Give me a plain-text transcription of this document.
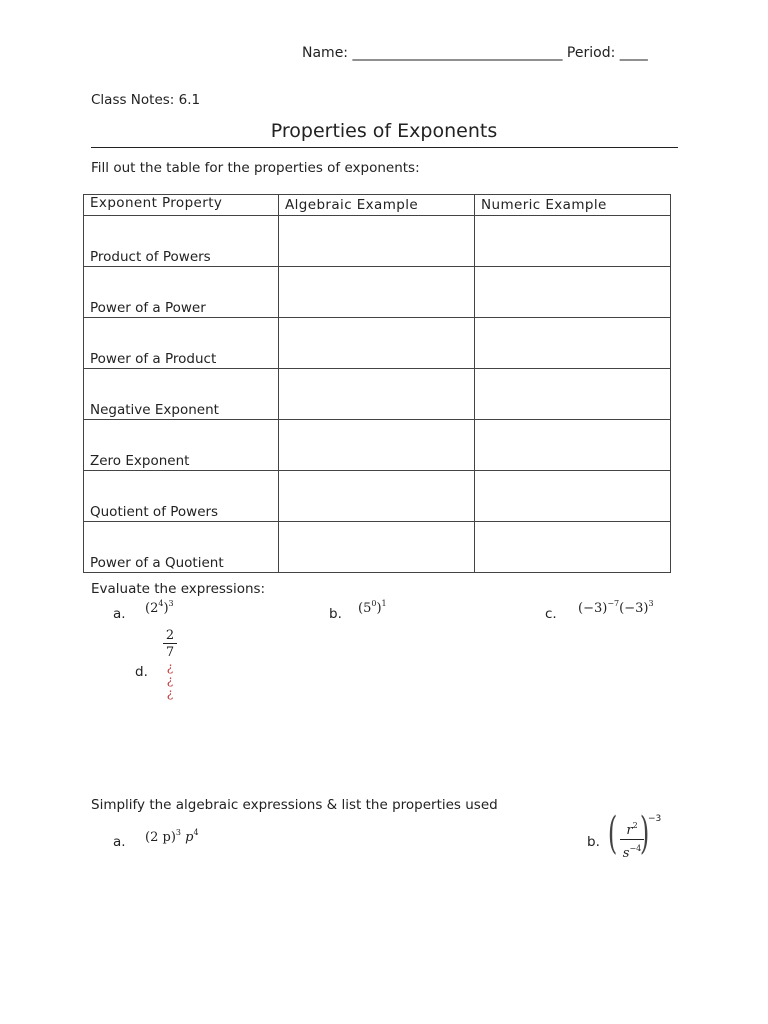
Name: ______________________________ Period: ____
Class Notes: 6.1
Properties of Exponents
Fill out the table for the properties of exponents:
Exponent Property	Algebraic Example	Numeric Example
Product of Powers		
Power of a Power		
Power of a Product		
Negative Exponent		
Zero Exponent		
Quotient of Powers		
Power of a Quotient		
Evaluate the expressions:
a. $(2^4)^3$
b. $(5^0)^1$
c. $(-3)^{-7}(-3)^3$
d.
2
7
¿
¿
¿
Simplify the algebraic expressions & list the properties used
a. (2 p)$^3$ $p^4$
b. ( $r^2$
$s^{-4}$
)
−3
